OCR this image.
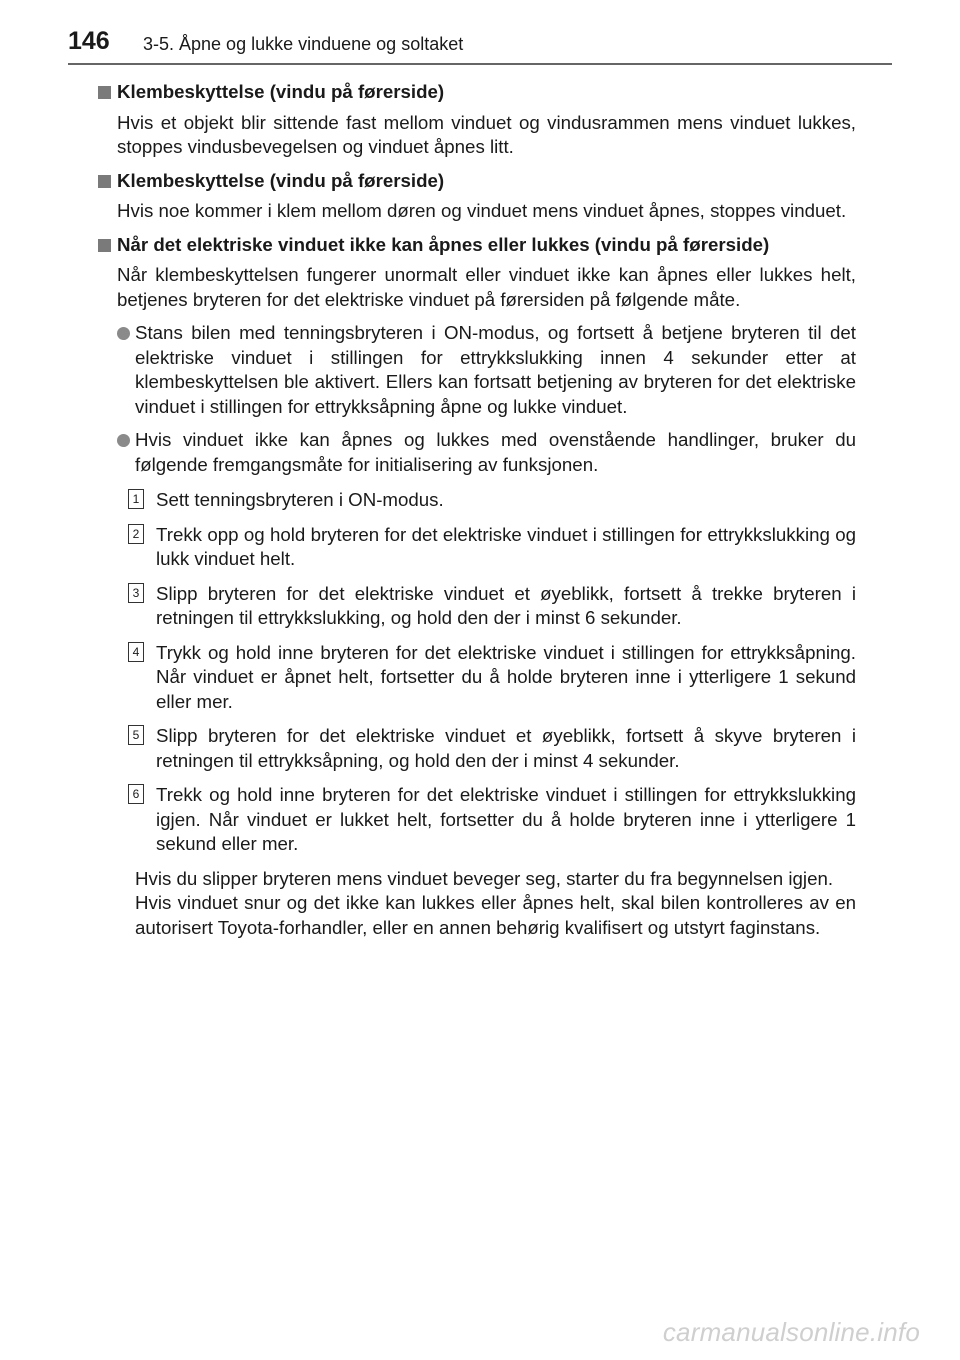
146 3-5. Åpne og lukke vinduene og soltaket
Klembeskyttelse (vindu på førerside)
Hvis et objekt blir sittende fast mellom vinduet og vindusrammen mens vinduet lukkes, stoppes vindusbevegelsen og vinduet åpnes litt.
Klembeskyttelse (vindu på førerside)
Hvis noe kommer i klem mellom døren og vinduet mens vinduet åpnes, stoppes vinduet.
Når det elektriske vinduet ikke kan åpnes eller lukkes (vindu på førerside)
Når klembeskyttelsen fungerer unormalt eller vinduet ikke kan åpnes eller lukkes helt, betjenes bryteren for det elektriske vinduet på førersiden på følgende måte.
Stans bilen med tenningsbryteren i ON-modus, og fortsett å betjene bryteren til det elektriske vinduet i stillingen for ettrykkslukking innen 4 sekunder etter at klembeskyttelsen ble aktivert. Ellers kan fortsatt betjening av bryteren for det elektriske vinduet i stillingen for ettrykksåpning åpne og lukke vinduet.
Hvis vinduet ikke kan åpnes og lukkes med ovenstående handlinger, bruker du følgende fremgangsmåte for initialisering av funksjonen.
1 Sett tenningsbryteren i ON-modus.
2 Trekk opp og hold bryteren for det elektriske vinduet i stillingen for ettrykkslukking og lukk vinduet helt.
3 Slipp bryteren for det elektriske vinduet et øyeblikk, fortsett å trekke bryteren i retningen til ettrykkslukking, og hold den der i minst 6 sekunder.
4 Trykk og hold inne bryteren for det elektriske vinduet i stillingen for ettrykksåpning. Når vinduet er åpnet helt, fortsetter du å holde bryteren inne i ytterligere 1 sekund eller mer.
5 Slipp bryteren for det elektriske vinduet et øyeblikk, fortsett å skyve bryteren i retningen til ettrykksåpning, og hold den der i minst 4 sekunder.
6 Trekk og hold inne bryteren for det elektriske vinduet i stillingen for ettrykkslukking igjen. Når vinduet er lukket helt, fortsetter du å holde bryteren inne i ytterligere 1 sekund eller mer.
Hvis du slipper bryteren mens vinduet beveger seg, starter du fra begynnelsen igjen.
Hvis vinduet snur og det ikke kan lukkes eller åpnes helt, skal bilen kontrolleres av en autorisert Toyota-forhandler, eller en annen behørig kvalifisert og utstyrt faginstans.
carmanualsonline.info
